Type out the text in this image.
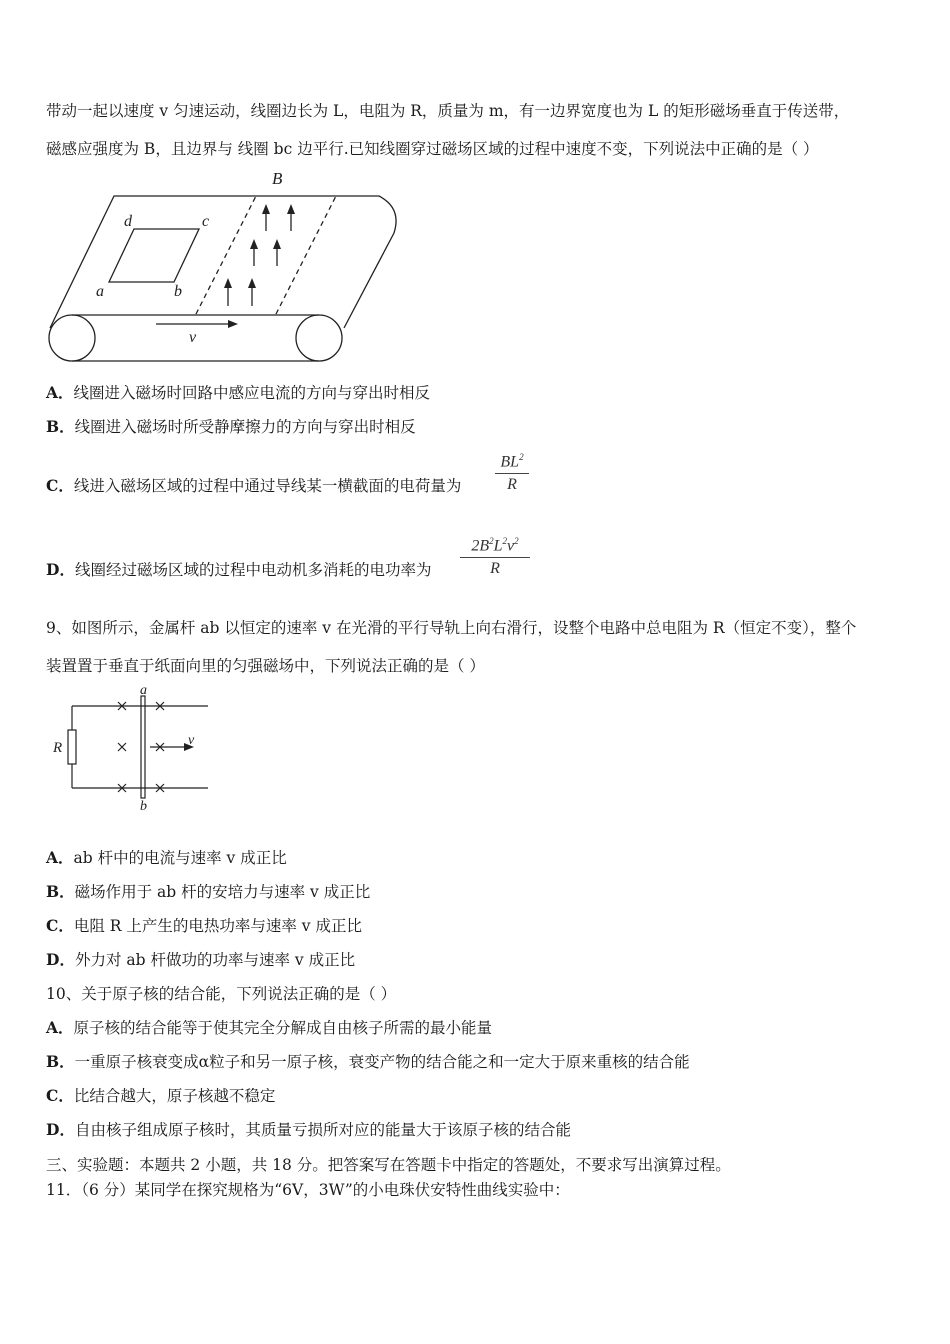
带动一起以速度 v 匀速运动，线圈边长为 L，电阻为 R，质量为 m，有一边界宽度也为 L 的矩形磁场垂直于传送带，
磁感应强度为 B，且边界与 线圈 bc 边平行.已知线圈穿过磁场区域的过程中速度不变，下列说法中正确的是（ ）
B
d	c
a	b
v
A．线圈进入磁场时回路中感应电流的方向与穿出时相反
B．线圈进入磁场时所受静摩擦力的方向与穿出时相反
C．线进入磁场区域的过程中通过导线某一横截面的电荷量为
$BL^2$
R
D．线圈经过磁场区域的过程中电动机多消耗的电功率为
$2B^2L^2v^2$
R
9、如图所示，金属杆 ab 以恒定的速率 v 在光滑的平行导轨上向右滑行，设整个电路中总电阻为 R（恒定不变），整个
装置置于垂直于纸面向里的匀强磁场中，下列说法正确的是（ ）
a
b
R	v
A．ab 杆中的电流与速率 v 成正比
B．磁场作用于 ab 杆的安培力与速率 v 成正比
C．电阻 R 上产生的电热功率与速率 v 成正比
D．外力对 ab 杆做功的功率与速率 v 成正比
10、关于原子核的结合能，下列说法正确的是（ ）
A．原子核的结合能等于使其完全分解成自由核子所需的最小能量
B．一重原子核衰变成α粒子和另一原子核，衰变产物的结合能之和一定大于原来重核的结合能
C．比结合越大，原子核越不稳定
D．自由核子组成原子核时，其质量亏损所对应的能量大于该原子核的结合能
三、实验题：本题共 2 小题，共 18 分。把答案写在答题卡中指定的答题处，不要求写出演算过程。
11．（6 分）某同学在探究规格为“6V，3W”的小电珠伏安特性曲线实验中：
